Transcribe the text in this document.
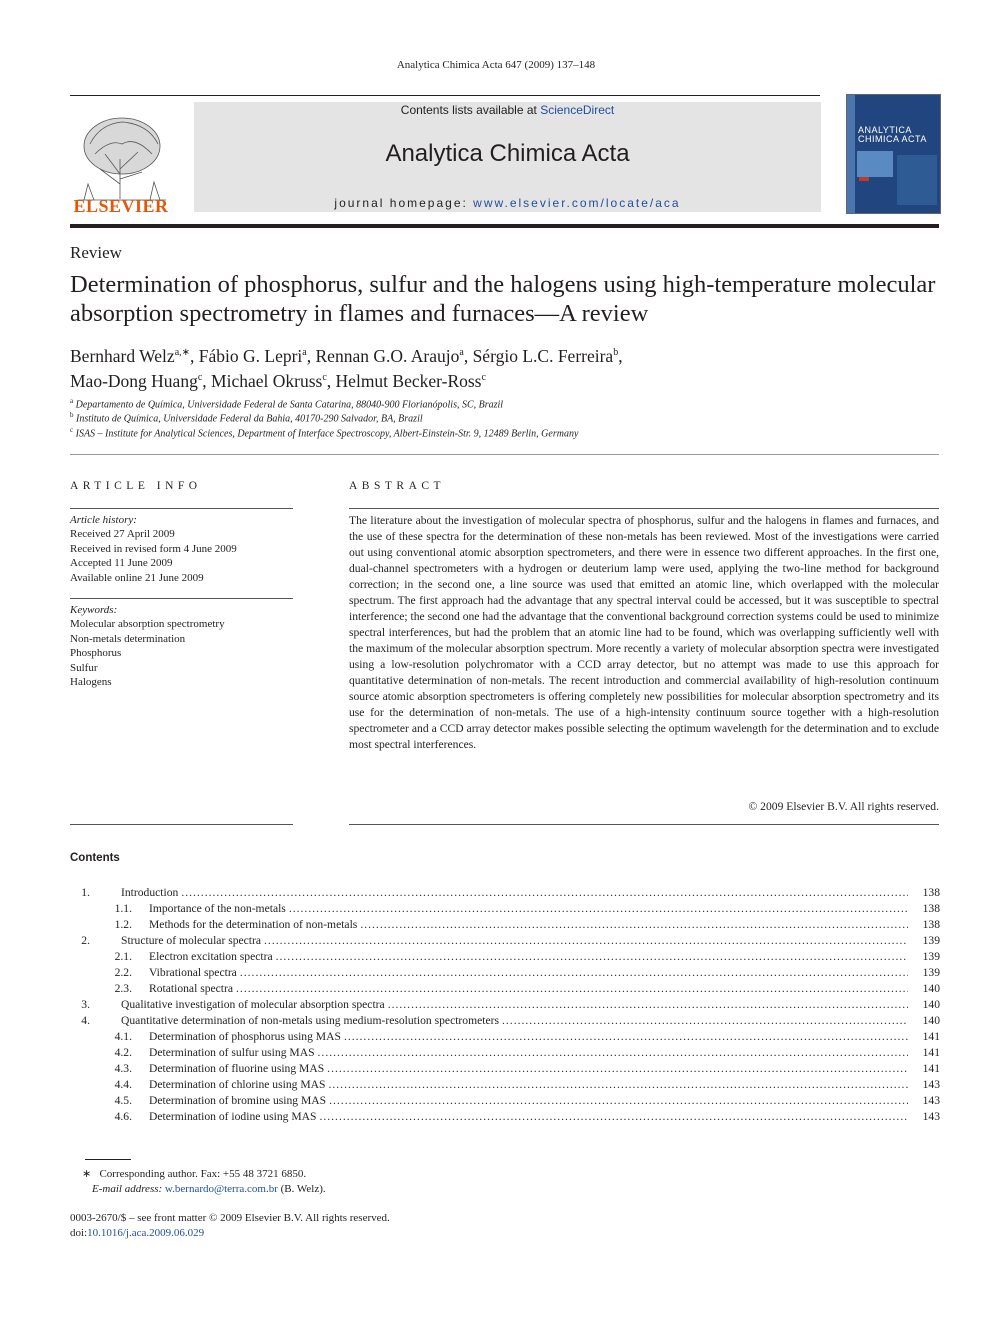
Analytica Chimica Acta 647 (2009) 137–148
ELSEVIER
Contents lists available at ScienceDirect
Analytica Chimica Acta
journal homepage: www.elsevier.com/locate/aca
ANALYTICA
CHIMICA ACTA
Review
Determination of phosphorus, sulfur and the halogens using high-temperature molecular absorption spectrometry in flames and furnaces—A review
Bernhard Welz$^{a,∗}$, Fábio G. Lepri$^a$, Rennan G.O. Araujo$^a$, Sérgio L.C. Ferreira$^b$,
Mao-Dong Huang$^c$, Michael Okruss$^c$, Helmut Becker-Ross$^c$
$^a$ Departamento de Química, Universidade Federal de Santa Catarina, 88040-900 Florianópolis, SC, Brazil
$^b$ Instituto de Química, Universidade Federal da Bahia, 40170-290 Salvador, BA, Brazil
$^c$ ISAS – Institute for Analytical Sciences, Department of Interface Spectroscopy, Albert-Einstein-Str. 9, 12489 Berlin, Germany
ARTICLE INFO	ABSTRACT
Article history:
Received 27 April 2009
Received in revised form 4 June 2009
Accepted 11 June 2009
Available online 21 June 2009
Keywords:
Molecular absorption spectrometry
Non-metals determination
Phosphorus
Sulfur
Halogens
The literature about the investigation of molecular spectra of phosphorus, sulfur and the halogens in flames and furnaces, and the use of these spectra for the determination of these non-metals has been reviewed. Most of the investigations were carried out using conventional atomic absorption spectrometers, and there were in essence two different approaches. In the first one, dual-channel spectrometers with a hydrogen or deuterium lamp were used, applying the two-line method for background correction; in the second one, a line source was used that emitted an atomic line, which overlapped with the molecular spectrum. The first approach had the advantage that any spectral interval could be accessed, but it was susceptible to spectral interference; the second one had the advantage that the conventional background correction systems could be used to minimize spectral interferences, but had the problem that an atomic line had to be found, which was overlapping sufficiently well with the maximum of the molecular absorption spectrum. More recently a variety of molecular absorption spectra were investigated using a low-resolution polychromator with a CCD array detector, but no attempt was made to use this approach for quantitative determination of non-metals. The recent introduction and commercial availability of high-resolution continuum source atomic absorption spectrometers is offering completely new possibilities for molecular absorption spectrometry and its use for the determination of non-metals. The use of a high-intensity continuum source together with a high-resolution spectrometer and a CCD array detector makes possible selecting the optimum wavelength for the determination and to exclude most spectral interferences.
© 2009 Elsevier B.V. All rights reserved.
Contents
1.	Introduction .....	138
1.1.	Importance of the non-metals .....	138
1.2.	Methods for the determination of non-metals .....	138
2.	Structure of molecular spectra .....	139
2.1.	Electron excitation spectra .....	139
2.2.	Vibrational spectra .....	139
2.3.	Rotational spectra .....	140
3.	Qualitative investigation of molecular absorption spectra .....	140
4.	Quantitative determination of non-metals using medium-resolution spectrometers .....	140
4.1.	Determination of phosphorus using MAS .....	141
4.2.	Determination of sulfur using MAS .....	141
4.3.	Determination of fluorine using MAS .....	141
4.4.	Determination of chlorine using MAS .....	143
4.5.	Determination of bromine using MAS .....	143
4.6.	Determination of iodine using MAS .....	143
∗ Corresponding author. Fax: +55 48 3721 6850.
E-mail address: w.bernardo@terra.com.br (B. Welz).
0003-2670/$ – see front matter © 2009 Elsevier B.V. All rights reserved.
doi:10.1016/j.aca.2009.06.029
